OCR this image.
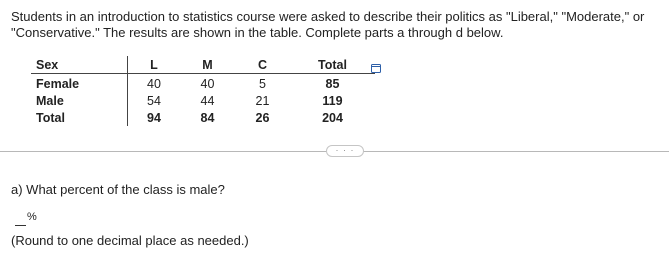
Students in an introduction to statistics course were asked to describe their politics as "Liberal," "Moderate," or "Conservative." The results are shown in the table. Complete parts a through d below.

Sex	L	M	C	Total
Female	40	40	5	85
Male	54	44	21	119
Total	94	84	26	204
· · ·

a) What percent of the class is male?

%

(Round to one decimal place as needed.)
